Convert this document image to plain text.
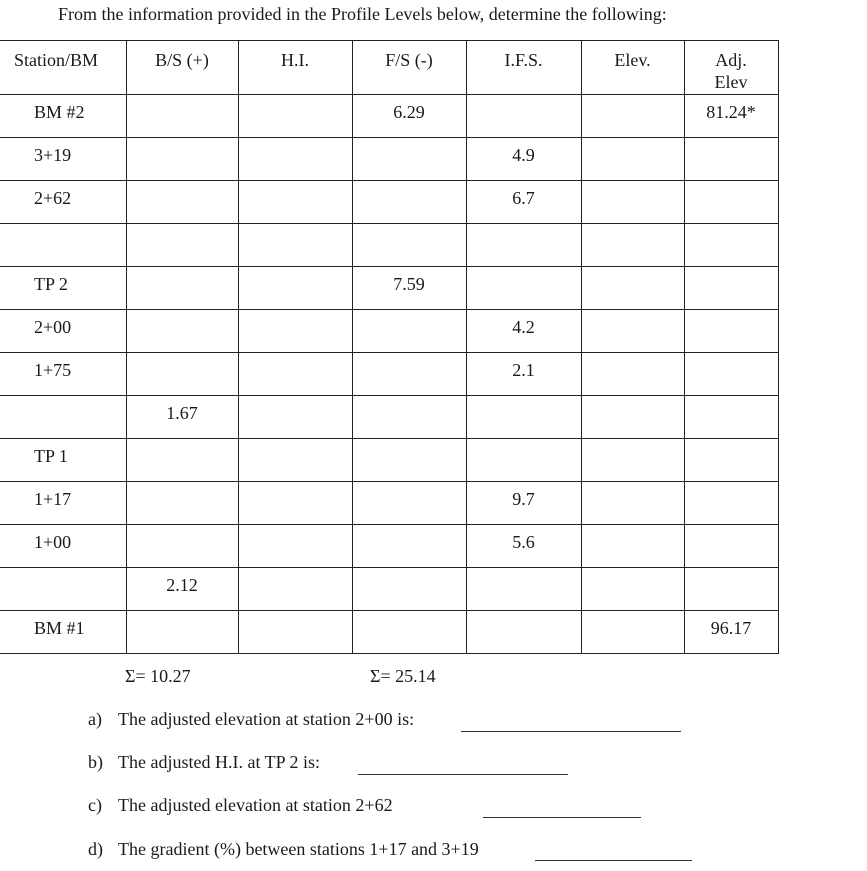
From the information provided in the Profile Levels below, determine the following:
Station/BM	B/S (+)	H.I.	F/S (-)	I.F.S.	Elev.	Adj.
Elev
BM #2			6.29			81.24*
3+19				4.9		
2+62				6.7		

TP 2			7.59			
2+00				4.2		
1+75				2.1		
	1.67					
TP 1						
1+17				9.7		
1+00				5.6		
	2.12					
BM #1						96.17
Σ= 10.27	Σ= 25.14
a) The adjusted elevation at station 2+00 is:
b) The adjusted H.I. at TP 2 is:
c) The adjusted elevation at station 2+62
d) The gradient (%) between stations 1+17 and 3+19
